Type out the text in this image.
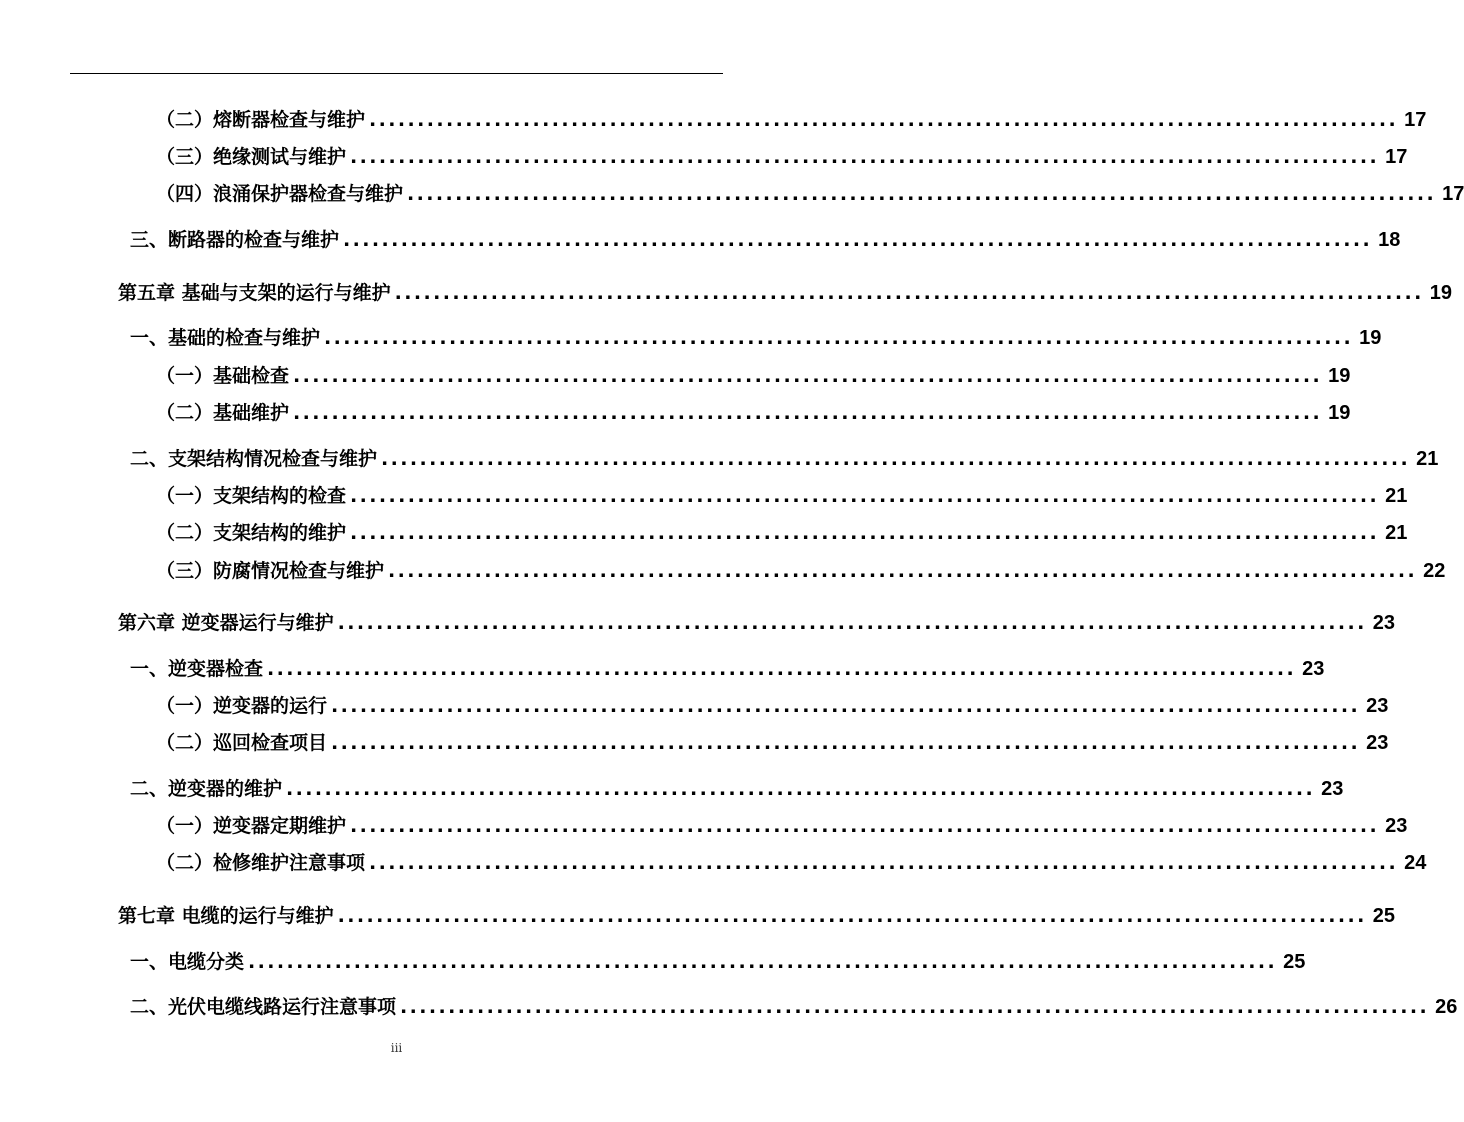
（二）熔断器检查与维护 ........................................................................................................... 17
（三）绝缘测试与维护 ........................................................................................................... 17
（四）浪涌保护器检查与维护 ........................................................................................................... 17
三、断路器的检查与维护 ........................................................................................................... 18
第五章 基础与支架的运行与维护 ........................................................................................................... 19
一、基础的检查与维护 ........................................................................................................... 19
（一）基础检查 ........................................................................................................... 19
（二）基础维护 ........................................................................................................... 19
二、支架结构情况检查与维护 ........................................................................................................... 21
（一）支架结构的检查 ........................................................................................................... 21
（二）支架结构的维护 ........................................................................................................... 21
（三）防腐情况检查与维护 ........................................................................................................... 22
第六章 逆变器运行与维护 ........................................................................................................... 23
一、逆变器检查 ........................................................................................................... 23
（一）逆变器的运行 ........................................................................................................... 23
（二）巡回检查项目 ........................................................................................................... 23
二、逆变器的维护 ........................................................................................................... 23
（一）逆变器定期维护 ........................................................................................................... 23
（二）检修维护注意事项 ........................................................................................................... 24
第七章 电缆的运行与维护 ........................................................................................................... 25
一、电缆分类 ........................................................................................................... 25
二、光伏电缆线路运行注意事项 ........................................................................................................... 26
iii
